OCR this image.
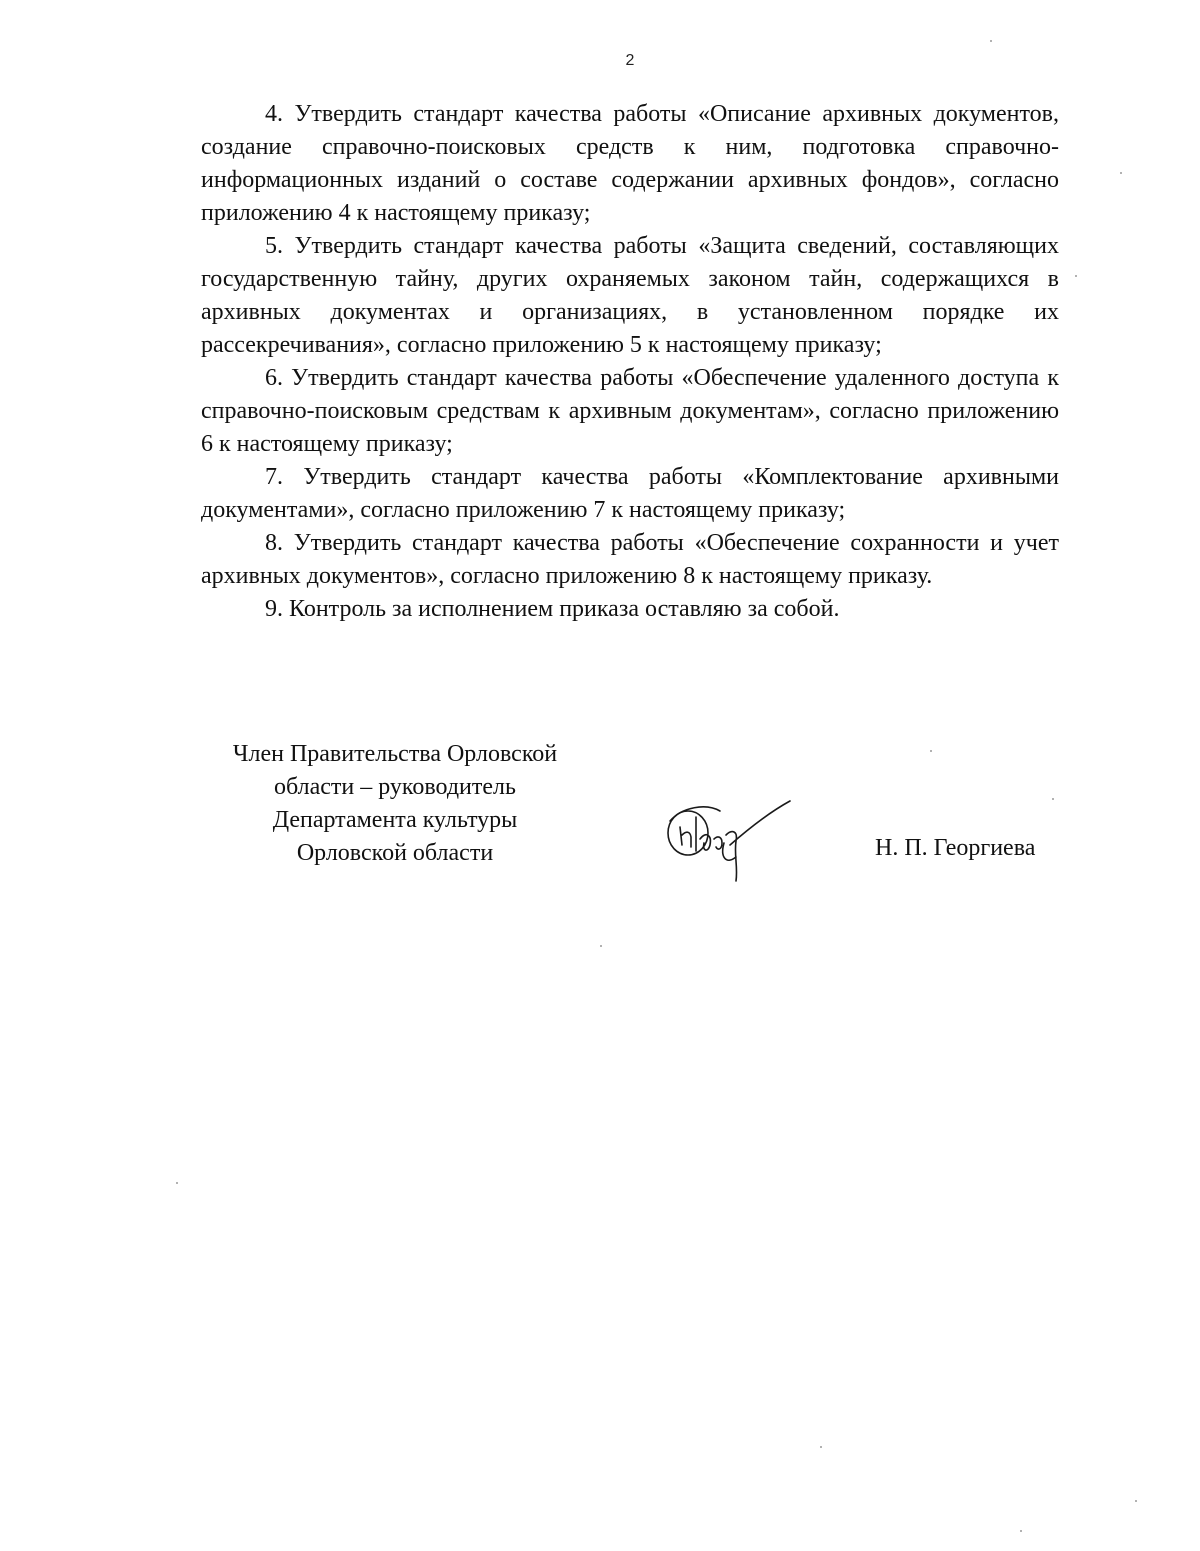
2

4. Утвердить стандарт качества работы «Описание архивных документов, создание справочно-поисковых средств к ним, подготовка справочно-информационных изданий о составе содержании архивных фондов», согласно приложению 4 к настоящему приказу;

5. Утвердить стандарт качества работы «Защита сведений, составляющих государственную тайну, других охраняемых законом тайн, содержащихся в архивных документах и организациях, в установленном порядке их рассекречивания», согласно приложению 5 к настоящему приказу;

6. Утвердить стандарт качества работы «Обеспечение удаленного доступа к справочно-поисковым средствам к архивным документам», согласно приложению 6 к настоящему приказу;

7. Утвердить стандарт качества работы «Комплектование архивными документами», согласно приложению 7 к настоящему приказу;

8. Утвердить стандарт качества работы «Обеспечение сохранности и учет архивных документов», согласно приложению 8 к настоящему приказу.

9. Контроль за исполнением приказа оставляю за собой.

Член Правительства Орловской
области – руководитель
Департамента культуры
Орловской области	Н. П. Георгиева
